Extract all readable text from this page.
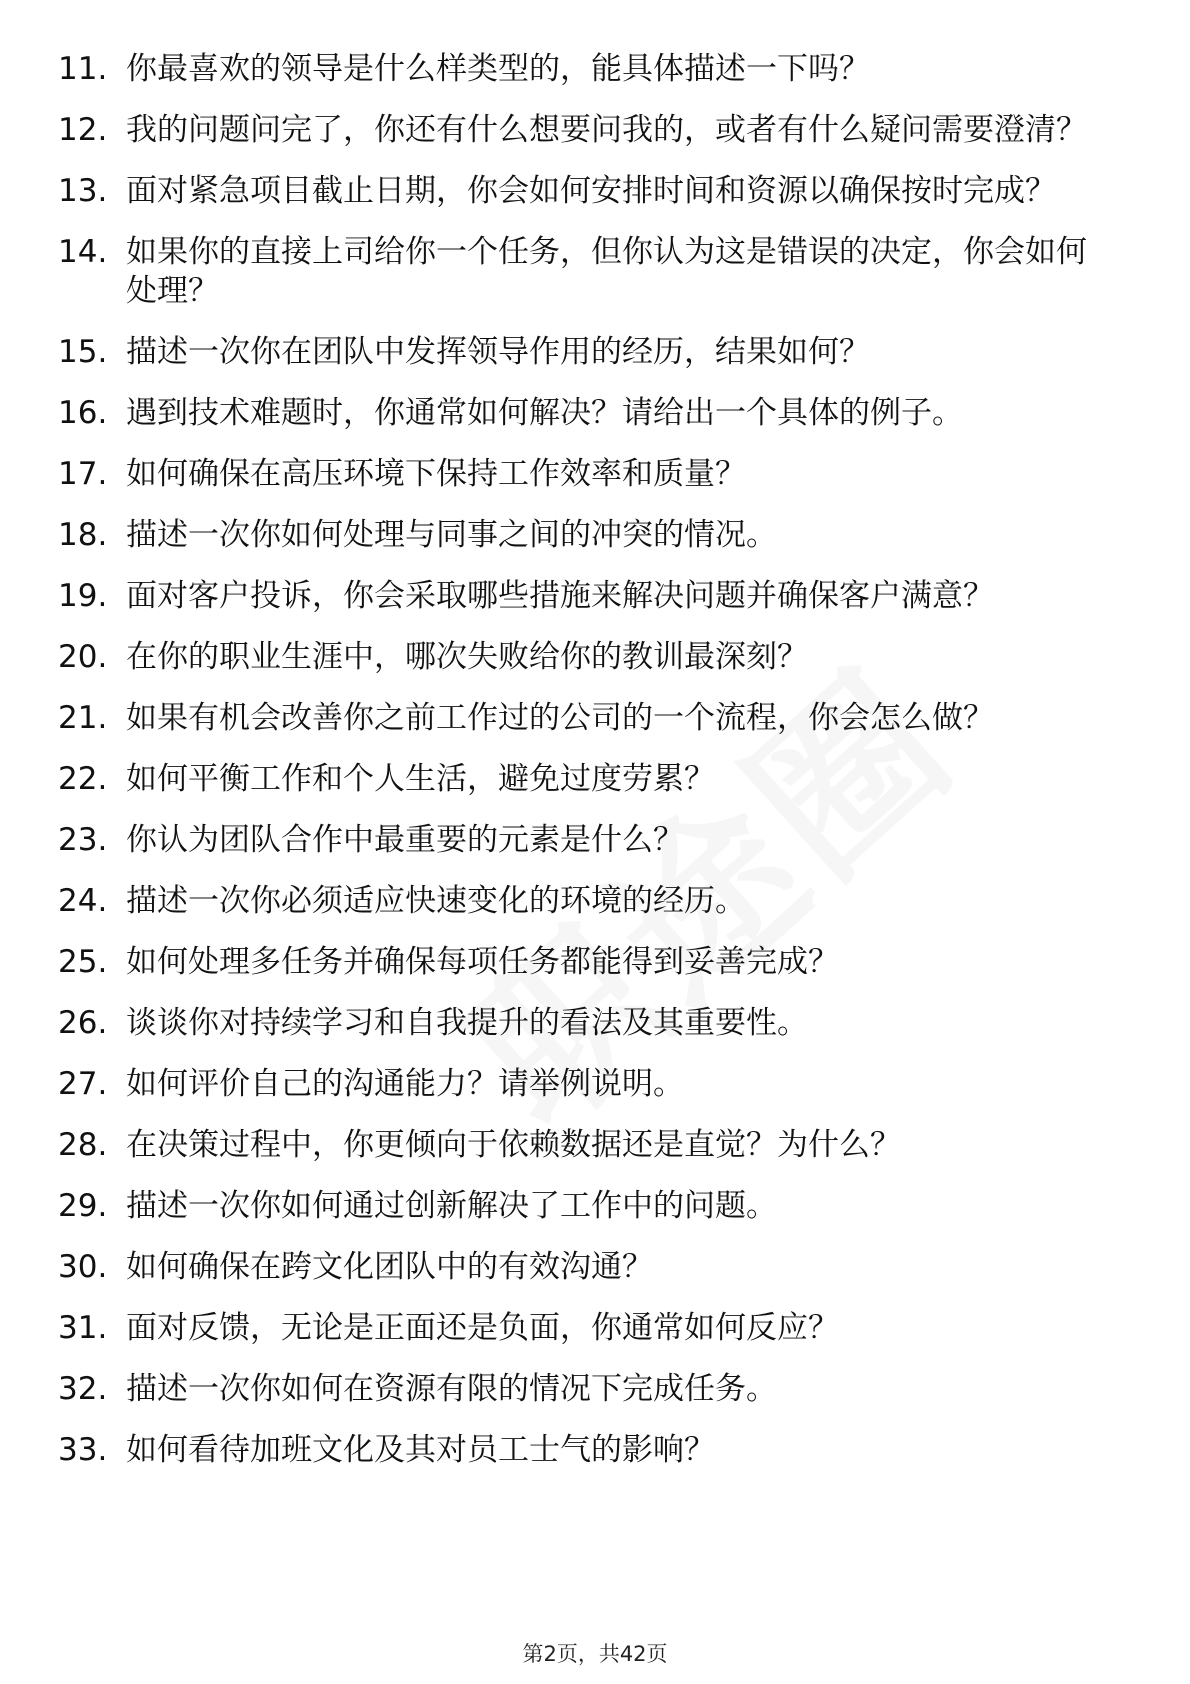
11. 你最喜欢的领导是什么样类型的，能具体描述一下吗？
12. 我的问题问完了，你还有什么想要问我的，或者有什么疑问需要澄清？
13. 面对紧急项目截止日期，你会如何安排时间和资源以确保按时完成？
14. 如果你的直接上司给你一个任务，但你认为这是错误的决定，你会如何处理？
15. 描述一次你在团队中发挥领导作用的经历，结果如何？
16. 遇到技术难题时，你通常如何解决？请给出一个具体的例子。
17. 如何确保在高压环境下保持工作效率和质量？
18. 描述一次你如何处理与同事之间的冲突的情况。
19. 面对客户投诉，你会采取哪些措施来解决问题并确保客户满意？
20. 在你的职业生涯中，哪次失败给你的教训最深刻？
21. 如果有机会改善你之前工作过的公司的一个流程，你会怎么做？
22. 如何平衡工作和个人生活，避免过度劳累？
23. 你认为团队合作中最重要的元素是什么？
24. 描述一次你必须适应快速变化的环境的经历。
25. 如何处理多任务并确保每项任务都能得到妥善完成？
26. 谈谈你对持续学习和自我提升的看法及其重要性。
27. 如何评价自己的沟通能力？请举例说明。
28. 在决策过程中，你更倾向于依赖数据还是直觉？为什么？
29. 描述一次你如何通过创新解决了工作中的问题。
30. 如何确保在跨文化团队中的有效沟通？
31. 面对反馈，无论是正面还是负面，你通常如何反应？
32. 描述一次你如何在资源有限的情况下完成任务。
33. 如何看待加班文化及其对员工士气的影响？
第2页，共42页
